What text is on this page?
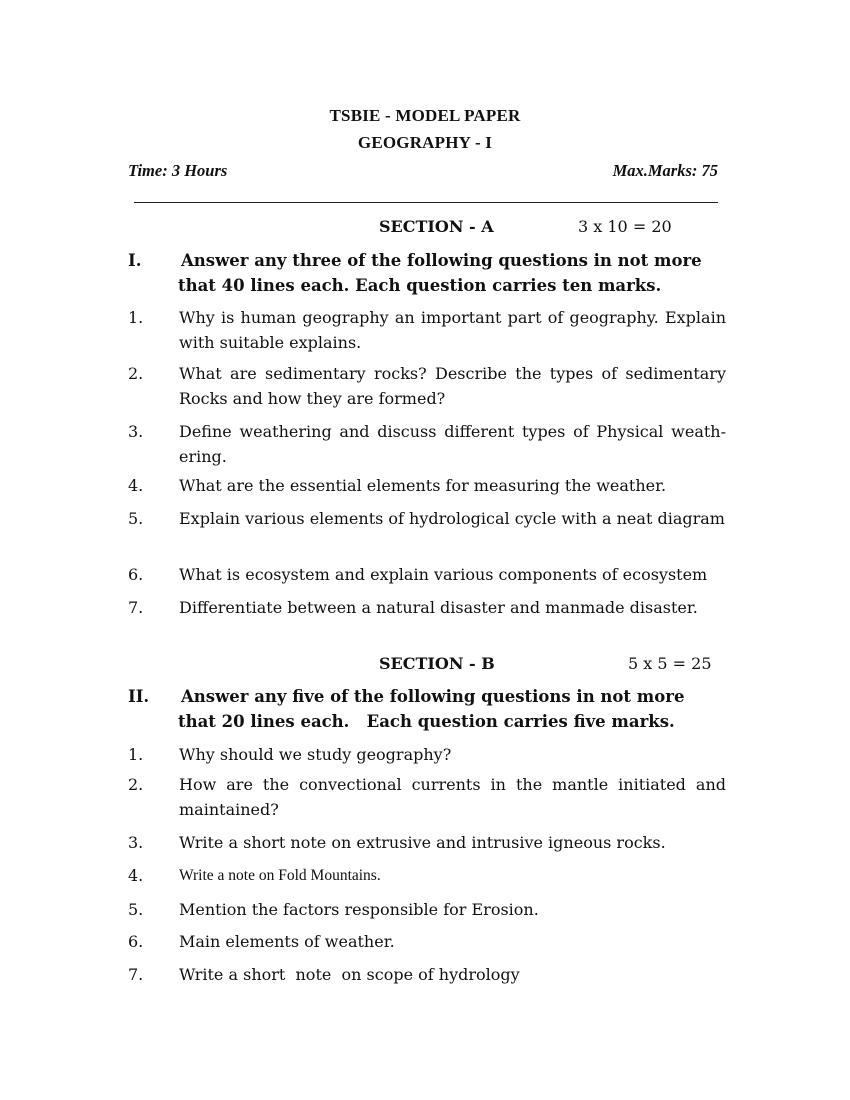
TSBIE - MODEL PAPER
GEOGRAPHY - I
Time: 3 Hours	Max.Marks: 75
SECTION - A	3 x 10 = 20
I. Answer any three of the following questions in not more that 40 lines each. Each question carries ten marks.
1. Why is human geography an important part of geography. Explain with suitable explains.
2. What are sedimentary rocks? Describe the types of sedimentary Rocks and how they are formed?
3. Define weathering and discuss different types of Physical weath-ering.
4. What are the essential elements for measuring the weather.
5. Explain various elements of hydrological cycle with a neat diagram
6. What is ecosystem and explain various components of ecosystem
7. Differentiate between a natural disaster and manmade disaster.
SECTION - B	5 x 5 = 25
II. Answer any five of the following questions in not more that 20 lines each.   Each question carries five marks.
1. Why should we study geography?
2. How are the convectional currents in the mantle initiated and maintained?
3. Write a short note on extrusive and intrusive igneous rocks.
4. Write a note on Fold Mountains.
5. Mention the factors responsible for Erosion.
6. Main elements of weather.
7. Write a short  note  on scope of hydrology
